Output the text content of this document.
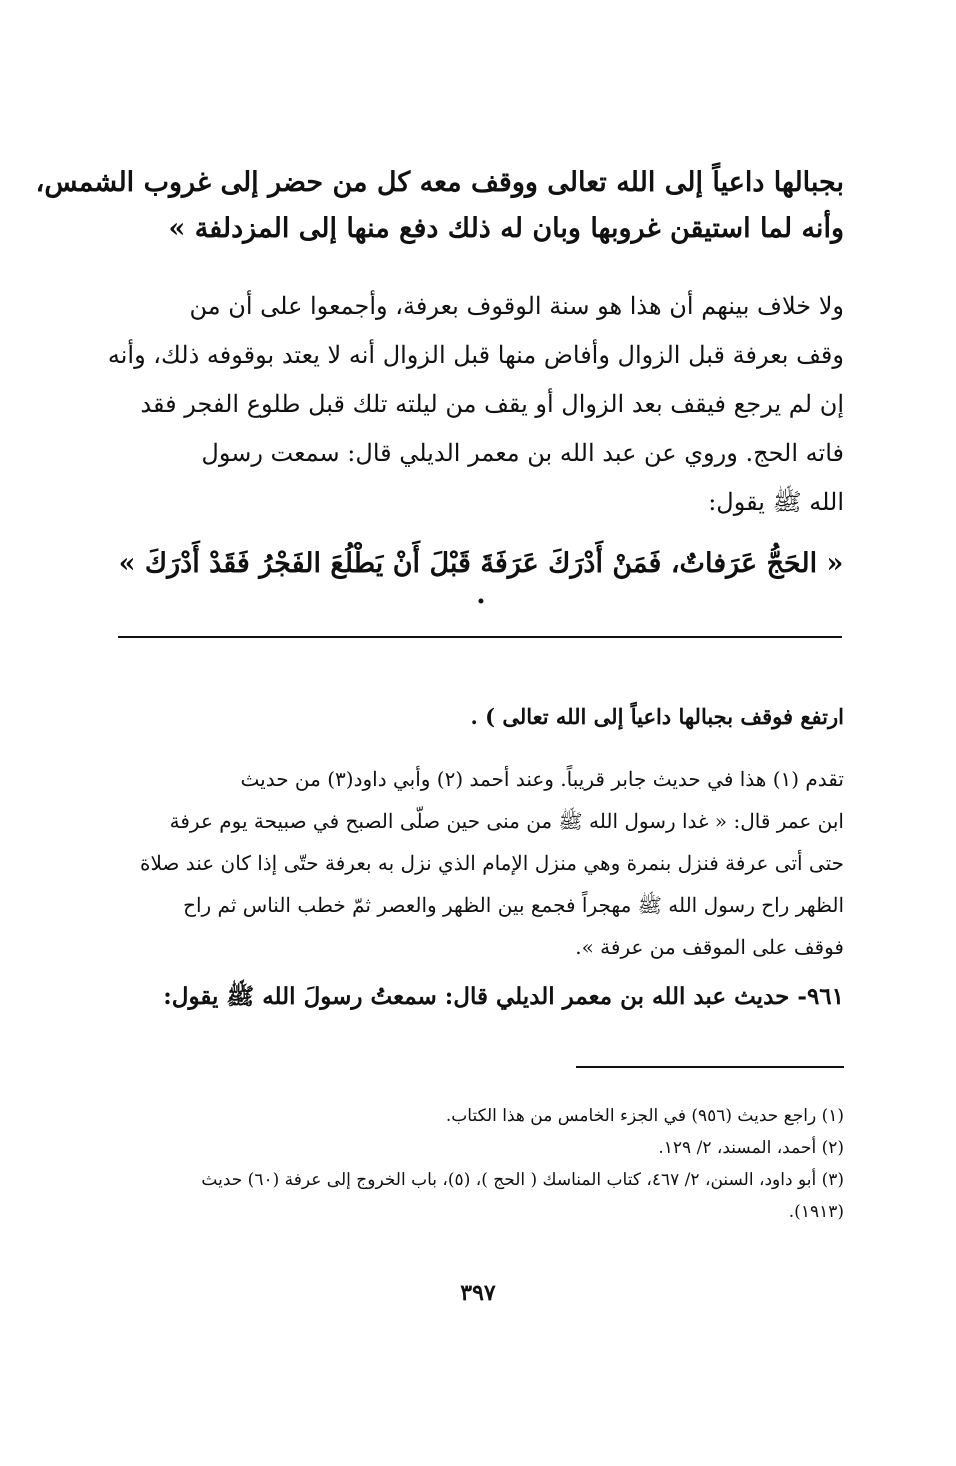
بجبالها داعياً إلى الله تعالى ووقف معه كل من حضر إلى غروب الشمس،
وأنه لما استيقن غروبها وبان له ذلك دفع منها إلى المزدلفة »
ولا خلاف بينهم أن هذا هو سنة الوقوف بعرفة، وأجمعوا على أن من
وقف بعرفة قبل الزوال وأفاض منها قبل الزوال أنه لا يعتد بوقوفه ذلك، وأنه
إن لم يرجع فيقف بعد الزوال أو يقف من ليلته تلك قبل طلوع الفجر فقد
فاته الحج. وروي عن عبد الله بن معمر الديلي قال: سمعت رسول
الله ﷺ يقول:
« الحَجُّ عَرَفاتٌ، فَمَنْ أَدْرَكَ عَرَفَةَ قَبْلَ أَنْ يَطْلُعَ الفَجْرُ فَقَدْ أَدْرَكَ » .
ارتفع فوقف بجبالها داعياً إلى الله تعالى ) .
تقدم (١) هذا في حديث جابر قريباً. وعند أحمد (٢) وأبي داود(٣) من حديث
ابن عمر قال: « غدا رسول الله ﷺ من منى حين صلّى الصبح في صبيحة يوم عرفة
حتى أتى عرفة فنزل بنمرة وهي منزل الإمام الذي نزل به بعرفة حتّى إذا كان عند صلاة
الظهر راح رسول الله ﷺ مهجراً فجمع بين الظهر والعصر ثمّ خطب الناس ثم راح
فوقف على الموقف من عرفة ».
٩٦١- حديث عبد الله بن معمر الديلي قال: سمعتُ رسولَ الله ﷺ يقول:
(١) راجع حديث (٩٥٦) في الجزء الخامس من هذا الكتاب.
(٢) أحمد، المسند، ٢/ ١٢٩.
(٣) أبو داود، السنن، ٢/ ٤٦٧، كتاب المناسك ( الحج )، (٥)، باب الخروج إلى عرفة (٦٠) حديث
(١٩١٣).
٣٩٧
